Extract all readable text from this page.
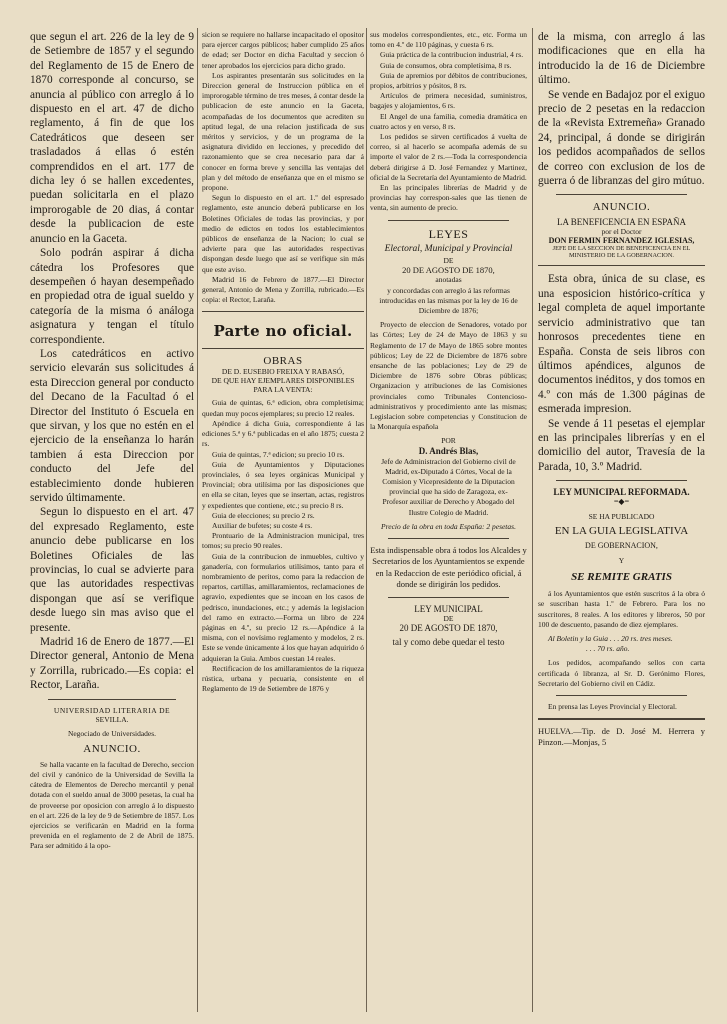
que segun el art. 226 de la ley de 9 de Setiembre de 1857 y el segundo del Reglamento de 15 de Enero de 1870 corresponde al concurso, se anuncia al público con arreglo á lo dispuesto en el art. 47 de dicho reglamento, á fin de que los Catedráticos que deseen ser trasladados á ellas ó estén comprendidos en el art. 177 de dicha ley ó se hallen excedentes, puedan solicitarla en el plazo improrogable de 20 dias, á contar desde la publicacion de este anuncio en la Gaceta.

Solo podrán aspirar á dicha cátedra los Profesores que desempeñen ó hayan desempeñado en propiedad otra de igual sueldo y categoría de la misma ó análoga asignatura y tengan el título correspondiente.

Los catedráticos en activo servicio elevarán sus solicitudes á esta Direccion general por conducto del Decano de la Facultad ó el Director del Instituto ó Escuela en que sirvan, y los que no estén en el ejercicio de la enseñanza lo harán tambien á esta Direccion por conducto del Jefe del establecimiento donde hubieren servido últimamente.

Segun lo dispuesto en el art. 47 del expresado Reglamento, este anuncio debe publicarse en los Boletines Oficiales de las provincias, lo cual se advierte para que las autoridades respectivas dispongan que así se verifique desde luego sin mas aviso que el presente.

Madrid 16 de Enero de 1877.—El Director general, Antonio de Mena y Zorrilla, rubricado.—Es copia: el Rector, Laraña.

UNIVERSIDAD LITERARIA DE

SEVILLA.

Negociado de Universidades.

ANUNCIO.

Se halla vacante en la facultad de Derecho, seccion del civil y canónico de la Universidad de Sevilla la cátedra de Elementos de Derecho mercantil y penal dotada con el sueldo anual de 3000 pesetas, la cual ha de proveerse por oposicion con arreglo á lo dispuesto en el art. 226 de la ley de 9 de Setiembre de 1857. Los ejercicios se verificarán en Madrid en la forma prevenida en el reglamento de 2 de Abril de 1875. Para ser admitido á la opo-

sicion se requiere no hallarse incapacitado el opositor para ejercer cargos públicos; haber cumplido 25 años de edad; ser Doctor en dicha Facultad y seccion ó tener aprobados los ejercicios para dicho grado.

Los aspirantes presentarán sus solicitudes en la Direccion general de Instruccion pública en el improrogable término de tres meses, á contar desde la publicacion de este anuncio en la Gaceta, acompañadas de los documentos que acrediten su aptitud legal, de una relacion justificada de sus méritos y servicios, y de un programa de la asignatura dividido en lecciones, y precedido del razonamiento que se crea necesario para dar á conocer en forma breve y sencilla las ventajas del plan y del método de enseñanza que en el mismo se propone.

Segun lo dispuesto en el art. 1.º del espresado reglamento, este anuncio deberá publicarse en los Boletines Oficiales de todas las provincias, y por medio de edictos en todos los establecimientos públicos de enseñanza de la Nacion; lo cual se advierte para que las autoridades respectivas dispongan desde luego que así se verifique sin más que este aviso.

Madrid 16 de Febrero de 1877.—El Director general, Antonio de Mena y Zorrilla, rubricado.—Es copia: el Rector, Laraña.

Parte no oficial.

OBRAS

DE D. EUSEBIO FREIXA Y RABASÓ,

DE QUE HAY EJEMPLARES DISPONIBLES PARA LA VENTA:

Guia de quintas, 6.ª edicion, obra completísima; quedan muy pocos ejemplares; su precio 12 reales.

Apéndice á dicha Guia, correspondiente á las ediciones 5.ª y 6.ª publicadas en el año 1875; cuesta 2 rs.

Guia de quintas, 7.ª edicion; su precio 10 rs.

Guia de Ayuntamientos y Diputaciones provinciales, ó sea leyes orgánicas Municipal y Provincial; obra utilísima por las disposiciones que en ella se citan, leyes que se insertan, actas, registros y expedientes que contiene, etc.; su precio 8 rs.

Guia de elecciones; su precio 2 rs.

Auxiliar de bufetes; su coste 4 rs.

Prontuario de la Administracion municipal, tres tomos; su precio 90 reales.

Guia de la contribucion de inmuebles, cultivo y ganadería, con formularios utilísimos, tanto para el nombramiento de peritos, como para la redaccion de repartos, cartillas, amillaramientos, reclamaciones de agravio, expedientes que se incoan en los casos de pedrisco, inundaciones, etc.; y además la legislacion del ramo en extracto.—Forma un libro de 224 páginas en 4.º, su precio 12 rs.—Apéndice á la misma, con el novísimo reglamento y modelos, 2 rs. Este se vende únicamente á los que hayan adquirido ó adquieran la Guia. Ambos cuestan 14 reales.

Rectificacion de los amillaramientos de la riqueza rústica, urbana y pecuaria, consistente en el Reglamento de 19 de Setiembre de 1876 y

sus modelos correspondientes, etc., etc. Forma un tomo en 4.º de 110 páginas, y cuesta 6 rs.

Guia práctica de la contribucion industrial, 4 rs.

Guia de consumos, obra completísima, 8 rs.

Guia de apremios por débitos de contribuciones, propios, arbitrios y pósitos, 8 rs.

Artículos de primera necesidad, suministros, bagajes y alojamientos, 6 rs.

El Angel de una familia, comedia dramática en cuatro actos y en verso, 8 rs.

Los pedidos se sirven certificados á vuelta de correo, si al hacerlo se acompaña además de su importe el valor de 2 rs.—Toda la correspondencia deberá dirigirse á D. José Fernandez y Martinez, oficial de la Secretaría del Ayuntamiento de Madrid.

En las principales librerías de Madrid y de provincias hay correspon-sales que las tienen de venta, sin aumento de precio.

LEYES

Electoral, Municipal y Provincial

DE

20 DE AGOSTO DE 1870,

anotadas

y concordadas con arreglo á las reformas introducidas en las mismas por la ley de 16 de Diciembre de 1876;

Proyecto de eleccion de Senadores, votado por las Córtes; Ley de 24 de Mayo de 1863 y su Reglamento de 17 de Mayo de 1865 sobre montes públicos; Ley de 22 de Diciembre de 1876 sobre ensanche de las poblaciones; Ley de 29 de Diciembre de 1876 sobre Obras públicas; Organizacion y atribuciones de las Comisiones provinciales como Tribunales Contencioso-administrativos y procedimiento ante las mismas; Legislacion sobre competencias y Constitucion de la Monarquía española

POR

D. Andrés Blas,

Jefe de Administracion del Gobierno civil de Madrid, ex-Diputado á Córtes, Vocal de la Comision y Vicepresidente de la Diputacion provincial que ha sido de Zaragoza, ex-Profesor auxiliar de Derecho y Abogado del Ilustre Colegio de Madrid.

Precio de la obra en toda España: 2 pesetas.

Esta indispensable obra á todos los Alcaldes y Secretarios de los Ayuntamientos se expende en la Redaccion de este periódico oficial, á donde se dirigirán los pedidos.

LEY MUNICIPAL

DE

20 DE AGOSTO DE 1870,

tal y como debe quedar el testo

de la misma, con arreglo á las modificaciones que en ella ha introducido la de 16 de Diciembre último.

Se vende en Badajoz por el exiguo precio de 2 pesetas en la redaccion de la «Revista Extremeña» Granado 24, principal, á donde se dirigirán los pedidos acompañados de sellos de correo con exclusion de los de guerra ó de libranzas del giro mútuo.

ANUNCIO.

LA BENEFICENCIA EN ESPAÑA

por el Doctor

DON FERMIN FERNANDEZ IGLESIAS,

JEFE DE LA SECCION DE BENEFICENCIA EN EL MINISTERIO DE LA GOBERNACION.

Esta obra, única de su clase, es una esposicion histórico-crítica y legal completa de aquel importante servicio administrativo que tan honrosos precedentes tiene en España. Consta de seis libros con últimos apéndices, algunos de documentos inéditos, y dos tomos en 4.º con más de 1.300 páginas de esmerada impresion.

Se vende á 11 pesetas el ejemplar en las principales librerías y en el domicilio del autor, Travesía de la Parada, 10, 3.º Madrid.

LEY MUNICIPAL REFORMADA.

=◆=

SE HA PUBLICADO

EN LA GUIA LEGISLATIVA

DE GOBERNACION,

Y

SE REMITE GRATIS

á los Ayuntamientos que estén suscritos á la obra ó se suscriban hasta 1.º de Febrero. Para los no suscritores, 8 reales. A los editores y libreros, 50 por 100 de descuento, pasando de diez ejemplares.

Al Boletin y la Guia . . . 20 rs. tres meses.

. . . 70 rs. año.

Los pedidos, acompañando sellos con carta certificada ó libranza, al Sr. D. Gerónimo Flores, Secretario del Gobierno civil en Cádiz.

En prensa las Leyes Provincial y Electoral.

HUELVA.—Tip. de D. José M. Herrera y Pinzon.—Monjas, 5
